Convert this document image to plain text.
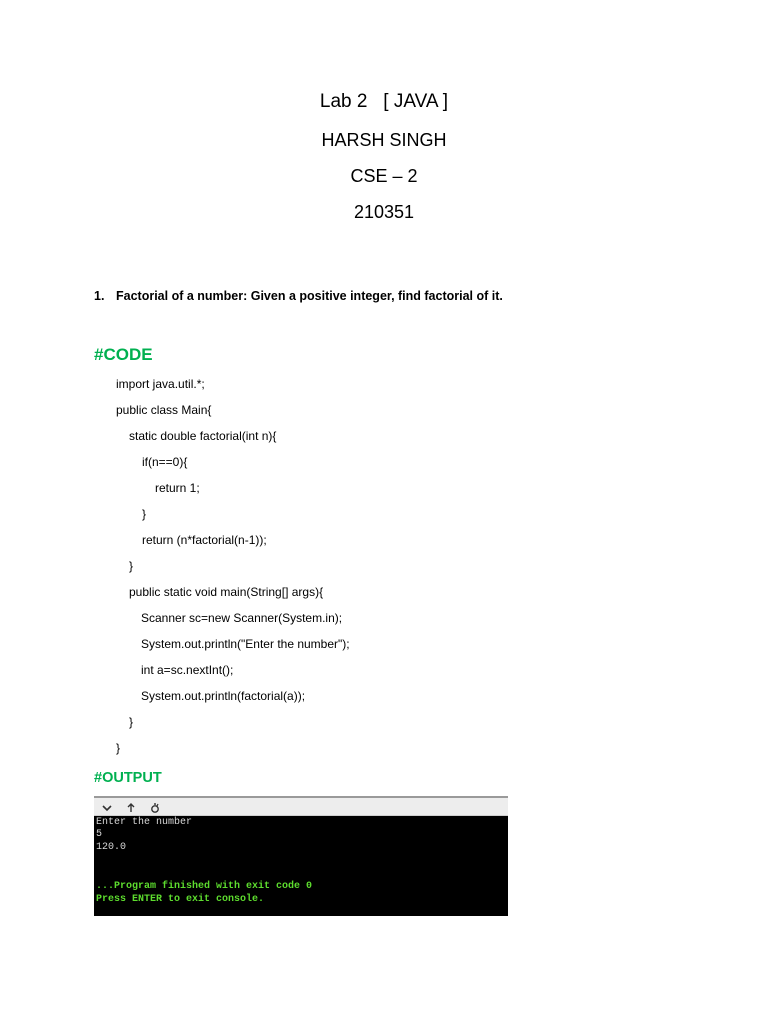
Lab 2   [ JAVA ]
HARSH SINGH
CSE – 2
210351
1. Factorial of a number: Given a positive integer, find factorial of it.
#CODE
import java.util.*;
public class Main{
static double factorial(int n){
if(n==0){
return 1;
}
return (n*factorial(n-1));
}
public static void main(String[] args){
Scanner sc=new Scanner(System.in);
System.out.println("Enter the number");
int a=sc.nextInt();
System.out.println(factorial(a));
}
}
#OUTPUT
Enter the number
5
120.0
...Program finished with exit code 0
Press ENTER to exit console.
